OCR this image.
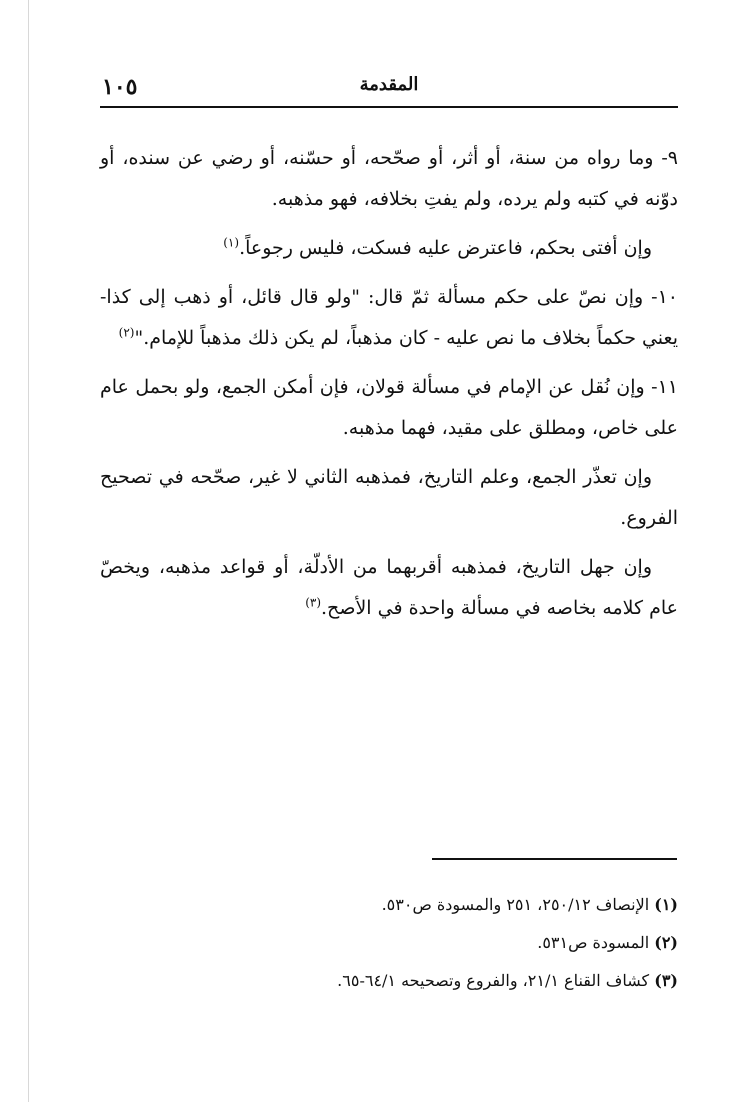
١٠٥	المقدمة

٩- وما رواه من سنة، أو أثر، أو صحّحه، أو حسّنه، أو رضي عن سنده، أو دوّنه في كتبه ولم يرده، ولم يفتِ بخلافه، فهو مذهبه.

وإن أفتى بحكم، فاعترض عليه فسكت، فليس رجوعاً.$^{(١)}$

١٠- وإن نصّ على حكم مسألة ثمّ قال: "ولو قال قائل، أو ذهب إلى كذا- يعني حكماً بخلاف ما نص عليه - كان مذهباً، لم يكن ذلك مذهباً للإمام."$^{(٢)}$

١١- وإن نُقل عن الإمام في مسألة قولان، فإن أمكن الجمع، ولو بحمل عام على خاص، ومطلق على مقيد، فهما مذهبه.

وإن تعذّر الجمع، وعلم التاريخ، فمذهبه الثاني لا غير، صحّحه في تصحيح الفروع.

وإن جهل التاريخ، فمذهبه أقربهما من الأدلّة، أو قواعد مذهبه، ويخصّ عام كلامه بخاصه في مسألة واحدة في الأصح.$^{(٣)}$

(١) الإنصاف ٢٥٠/١٢، ٢٥١ والمسودة ص٥٣٠.
(٢) المسودة ص٥٣١.
(٣) كشاف القناع ٢١/١، والفروع وتصحيحه ٦٤/١-٦٥.
